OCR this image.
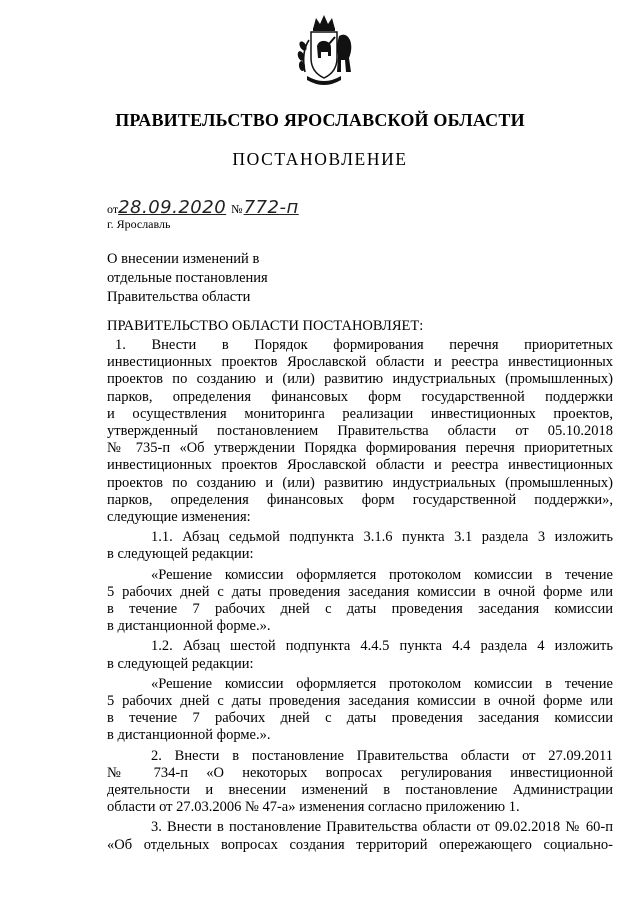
ПРАВИТЕЛЬСТВО ЯРОСЛАВСКОЙ ОБЛАСТИ
ПОСТАНОВЛЕНИЕ
от28.09.2020 №772-п
г. Ярославль
О внесении изменений в
отдельные постановления
Правительства области
ПРАВИТЕЛЬСТВО ОБЛАСТИ ПОСТАНОВЛЯЕТ:

1. Внести в Порядок формирования перечня приоритетных

инвестиционных проектов Ярославской области и реестра инвестиционных

проектов по созданию и (или) развитию индустриальных (промышленных)

парков, определения финансовых форм государственной поддержки

и осуществления мониторинга реализации инвестиционных проектов,

утвержденный постановлением Правительства области от 05.10.2018

№ 735-п «Об утверждении Порядка формирования перечня приоритетных

инвестиционных проектов Ярославской области и реестра инвестиционных

проектов по созданию и (или) развитию индустриальных (промышленных)

парков, определения финансовых форм государственной поддержки»,

следующие изменения:

1.1. Абзац седьмой подпункта 3.1.6 пункта 3.1 раздела 3 изложить

в следующей редакции:

«Решение комиссии оформляется протоколом комиссии в течение

5 рабочих дней с даты проведения заседания комиссии в очной форме или

в течение 7 рабочих дней с даты проведения заседания комиссии

в дистанционной форме.».

1.2. Абзац шестой подпункта 4.4.5 пункта 4.4 раздела 4 изложить

в следующей редакции:

«Решение комиссии оформляется протоколом комиссии в течение

5 рабочих дней с даты проведения заседания комиссии в очной форме или

в течение 7 рабочих дней с даты проведения заседания комиссии

в дистанционной форме.».

2. Внести в постановление Правительства области от 27.09.2011

№ 734-п «О некоторых вопросах регулирования инвестиционной

деятельности и внесении изменений в постановление Администрации

области от 27.03.2006 № 47-а» изменения согласно приложению 1.

3. Внести в постановление Правительства области от 09.02.2018 № 60-п

«Об отдельных вопросах создания территорий опережающего социально-
